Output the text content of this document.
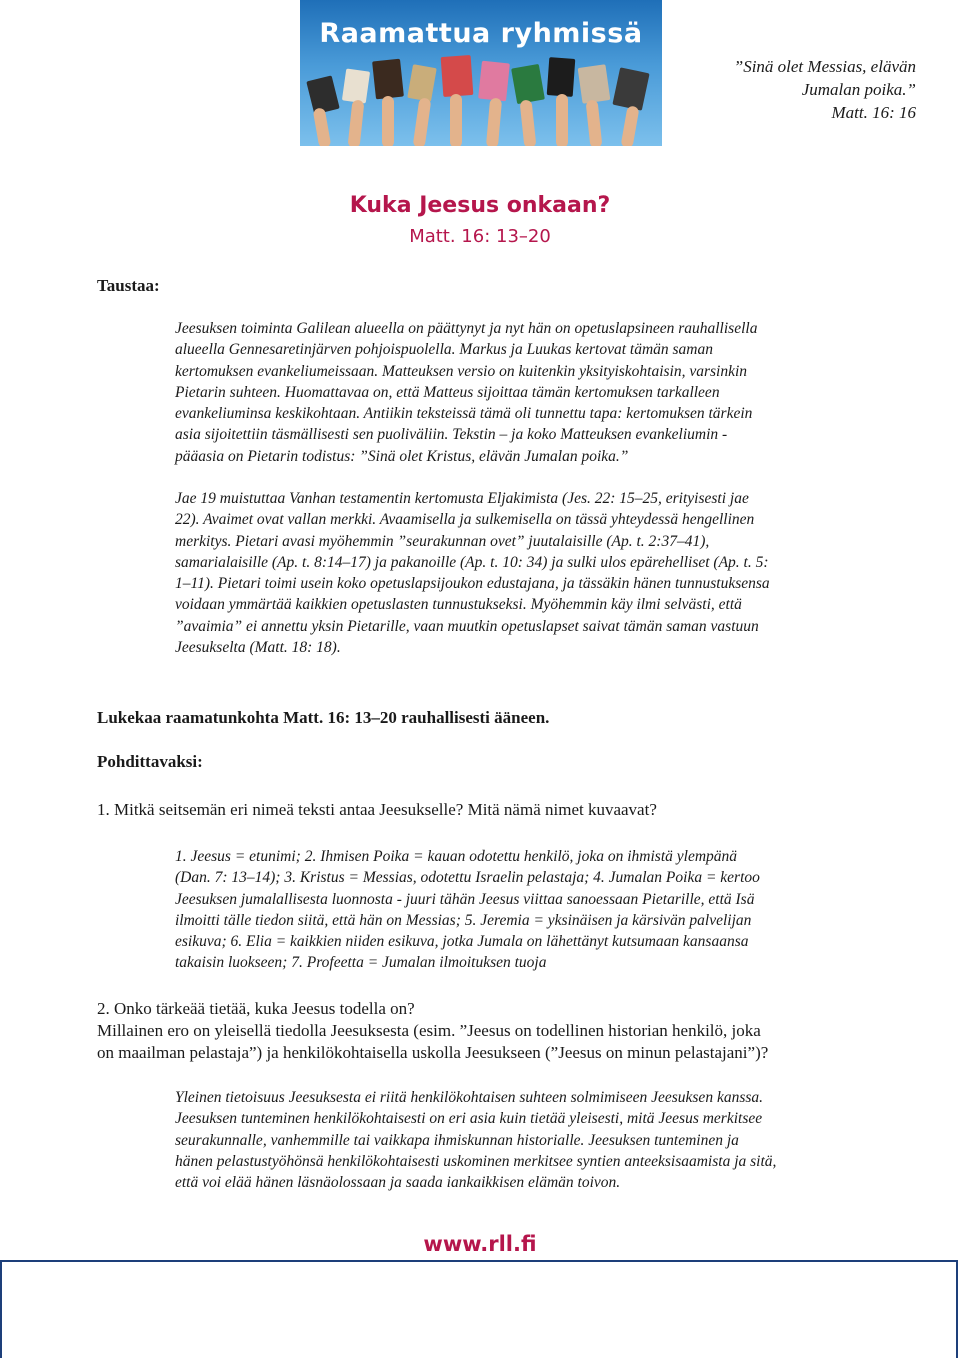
Raamattua ryhmissä
”Sinä olet Messias, elävän
Jumalan poika.”
Matt. 16: 16
Kuka Jeesus onkaan?
Matt. 16: 13–20
Taustaa:
Jeesuksen toiminta Galilean alueella on päättynyt ja nyt hän on opetuslapsineen rauhallisella
alueella Gennesaretinjärven pohjoispuolella. Markus ja Luukas kertovat tämän saman
kertomuksen evankeliumeissaan. Matteuksen versio on kuitenkin yksityiskohtaisin, varsinkin
Pietarin suhteen. Huomattavaa on, että Matteus sijoittaa tämän kertomuksen tarkalleen
evankeliuminsa keskikohtaan. Antiikin teksteissä tämä oli tunnettu tapa: kertomuksen tärkein
asia sijoitettiin täsmällisesti sen puoliväliin. Tekstin – ja koko Matteuksen evankeliumin -
pääasia on Pietarin todistus: ”Sinä olet Kristus, elävän Jumalan poika.”
Jae 19 muistuttaa Vanhan testamentin kertomusta Eljakimista (Jes. 22: 15–25, erityisesti jae
22). Avaimet ovat vallan merkki. Avaamisella ja sulkemisella on tässä yhteydessä hengellinen
merkitys. Pietari avasi myöhemmin ”seurakunnan ovet” juutalaisille (Ap. t. 2:37–41),
samarialaisille (Ap. t. 8:14–17) ja pakanoille (Ap. t. 10: 34) ja sulki ulos epärehelliset (Ap. t. 5:
1–11). Pietari toimi usein koko opetuslapsijoukon edustajana, ja tässäkin hänen tunnustuksensa
voidaan ymmärtää kaikkien opetuslasten tunnustukseksi. Myöhemmin käy ilmi selvästi, että
”avaimia” ei annettu yksin Pietarille, vaan muutkin opetuslapset saivat tämän saman vastuun
Jeesukselta (Matt. 18: 18).
Lukekaa raamatunkohta Matt. 16: 13–20 rauhallisesti ääneen.
Pohdittavaksi:
1. Mitkä seitsemän eri nimeä teksti antaa Jeesukselle? Mitä nämä nimet kuvaavat?
1. Jeesus = etunimi; 2. Ihmisen Poika = kauan odotettu henkilö, joka on ihmistä ylempänä
(Dan. 7: 13–14); 3. Kristus = Messias, odotettu Israelin pelastaja; 4. Jumalan Poika = kertoo
Jeesuksen jumalallisesta luonnosta - juuri tähän Jeesus viittaa sanoessaan Pietarille, että Isä
ilmoitti tälle tiedon siitä, että hän on Messias; 5. Jeremia = yksinäisen ja kärsivän palvelijan
esikuva; 6. Elia = kaikkien niiden esikuva, jotka Jumala on lähettänyt kutsumaan kansaansa
takaisin luokseen; 7. Profeetta = Jumalan ilmoituksen tuoja
2. Onko tärkeää tietää, kuka Jeesus todella on?
Millainen ero on yleisellä tiedolla Jeesuksesta (esim. ”Jeesus on todellinen historian henkilö, joka
on maailman pelastaja”) ja henkilökohtaisella uskolla Jeesukseen (”Jeesus on minun pelastajani”)?
Yleinen tietoisuus Jeesuksesta ei riitä henkilökohtaisen suhteen solmimiseen Jeesuksen kanssa.
Jeesuksen tunteminen henkilökohtaisesti on eri asia kuin tietää yleisesti, mitä Jeesus merkitsee
seurakunnalle, vanhemmille tai vaikkapa ihmiskunnan historialle. Jeesuksen tunteminen ja
hänen pelastustyöhönsä henkilökohtaisesti uskominen merkitsee syntien anteeksisaamista ja sitä,
että voi elää hänen läsnäolossaan ja saada iankaikkisen elämän toivon.
www.rll.fi
